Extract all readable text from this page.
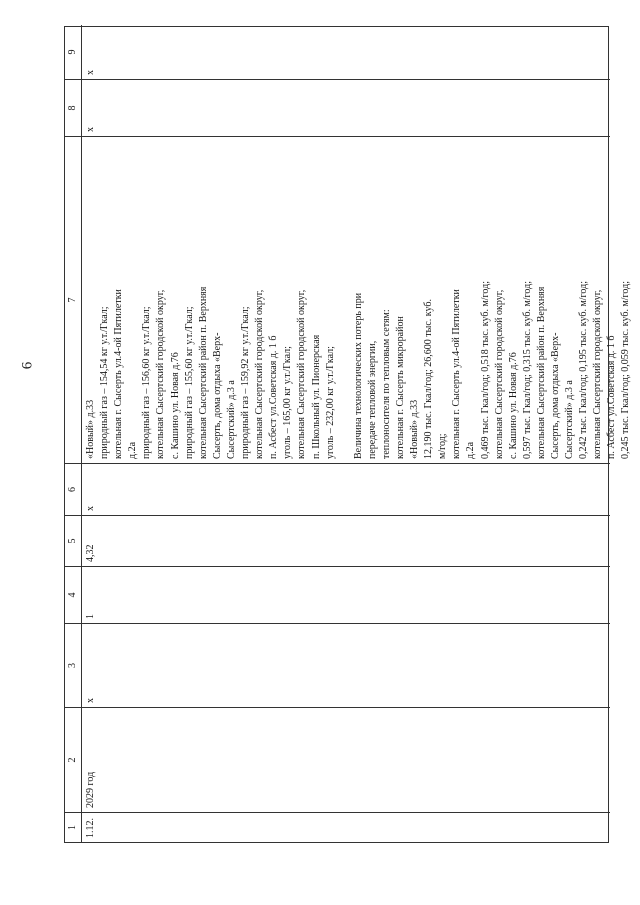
6
1 1.12.
2
2029 год
3
х
4
1
5
4,32
6
х
7
«Новый» д.33 природный газ – 154,54 кг у.т./Гкал; котельная г. Сысерть ул.4-ой Пятилетки д.2а природный газ – 156,60 кг у.т./Гкал; котельная Сысертский городской округ, с. Кашино ул. Новая д.76 природный газ – 155,60 кг у.т./Гкал; котельная Сысертский район п. Верхняя Сысерть, дома отдыха «Верх- Сысертский» д.3 а природный газ – 159,92 кг у.т./Гкал; котельная Сысертский городской округ, п. Асбест ул.Советская д. 1 б уголь – 165,00 кг у.т./Гкал; котельная Сысертский городской округ, п. Школьный ул. Пионерская уголь – 232,00 кг у.т./Гкал; Величина технологических потерь при передаче тепловой энергии, теплоносителя по тепловым сетям: котельная г. Сысерть микрорайон «Новый» д.33 12,190 тыс. Гкал/год; 26,600 тыс. куб. м/год; котельная г. Сысерть ул.4-ой Пятилетки д.2а 0,469 тыс. Гкал/год; 0,518 тыс. куб. м/год; котельная Сысертский городской округ, с. Кашино ул. Новая д.76 0,597 тыс. Гкал/год; 0,315 тыс. куб. м/год; котельная Сысертский район п. Верхняя Сысерть, дома отдыха «Верх- Сысертский» д.3 а 0,242 тыс. Гкал/год; 0,195 тыс. куб. м/год; котельная Сысертский городской округ, п. Асбест ул.Советская д. 1 б 0,245 тыс. Гкал/год; 0,059 тыс. куб. м/год;
8
х
9
х
